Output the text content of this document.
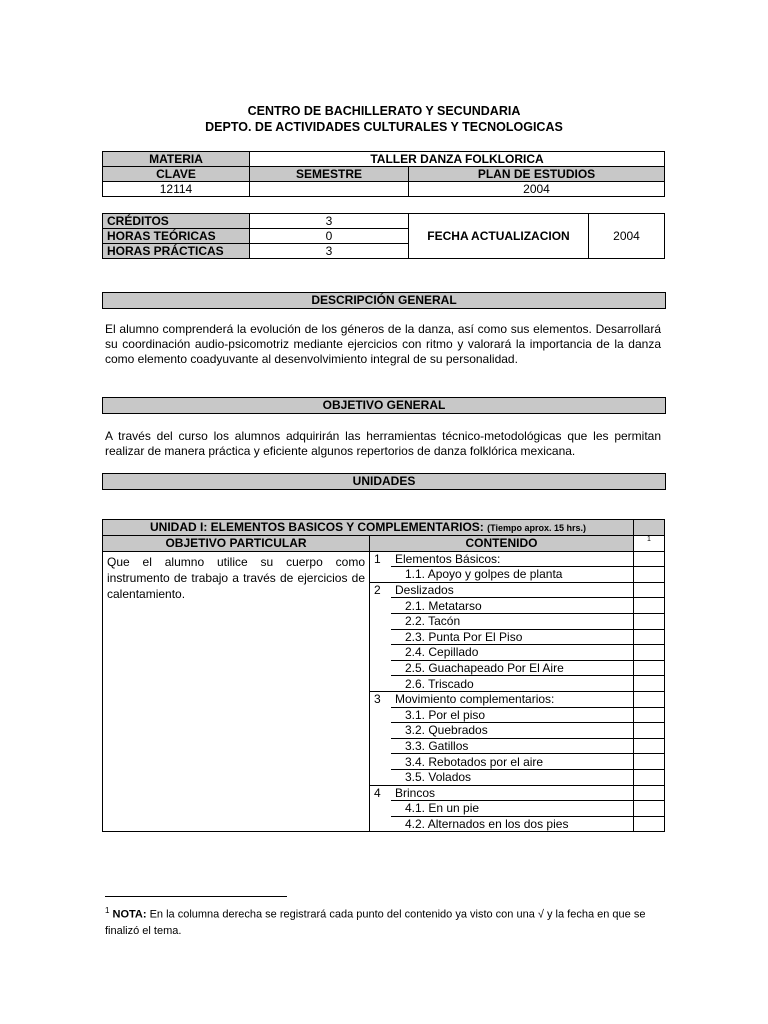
CENTRO DE BACHILLERATO Y SECUNDARIA
DEPTO. DE ACTIVIDADES CULTURALES Y TECNOLOGICAS
MATERIA	TALLER DANZA FOLKLORICA	
CLAVE	SEMESTRE	PLAN DE ESTUDIOS
12114		2004
CRÉDITOS	3	FECHA ACTUALIZACION	2004
HORAS TEÓRICAS	0		
HORAS PRÁCTICAS	3		
DESCRIPCIÓN GENERAL
El alumno comprenderá la evolución de los géneros de la danza, así como sus elementos. Desarrollará su coordinación audio-psicomotriz mediante ejercicios con ritmo y valorará la importancia de la danza como elemento coadyuvante al desenvolvimiento integral de su personalidad.
OBJETIVO GENERAL
A través del curso los alumnos adquirirán las herramientas técnico-metodológicas que les permitan realizar de manera práctica y eficiente algunos repertorios de danza folklórica mexicana.
UNIDADES
UNIDAD I: ELEMENTOS BASICOS Y COMPLEMENTARIOS: (Tiempo aprox. 15 hrs.)			
OBJETIVO PARTICULAR	CONTENIDO		1
Que el alumno utilice su cuerpo como instrumento de trabajo a través de ejercicios de calentamiento.	1	Elementos Básicos:	
		1.1. Apoyo y golpes de planta	
	2	Deslizados	
		2.1. Metatarso	
		2.2. Tacón	
		2.3. Punta Por El Piso	
		2.4. Cepillado	
		2.5. Guachapeado Por El Aire	
		2.6. Triscado	
	3	Movimiento complementarios:	
		3.1. Por el piso	
		3.2. Quebrados	
		3.3. Gatillos	
		3.4. Rebotados por el aire	
		3.5. Volados	
	4	Brincos	
		4.1. En un pie	
		4.2. Alternados en los dos pies	
$^1$ NOTA: En la columna derecha se registrará cada punto del contenido ya visto con una √ y la fecha en que se finalizó el tema.
